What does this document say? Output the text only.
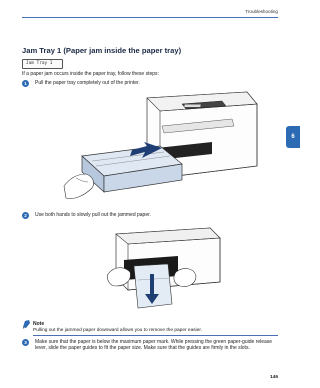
Troubleshooting
6
Jam Tray 1 (Paper jam inside the paper tray)
Jam Tray 1
If a paper jam occurs inside the paper tray, follow these steps:
1	Pull the paper tray completely out of the printer.
2	Use both hands to slowly pull out the jammed paper.
Note
Pulling out the jammed paper downward allows you to remove the paper easier.
3	Make sure that the paper is below the maximum paper mark. While pressing the green paper-guide release lever, slide the paper guides to fit the paper size. Make sure that the guides are firmly in the slots.
146
